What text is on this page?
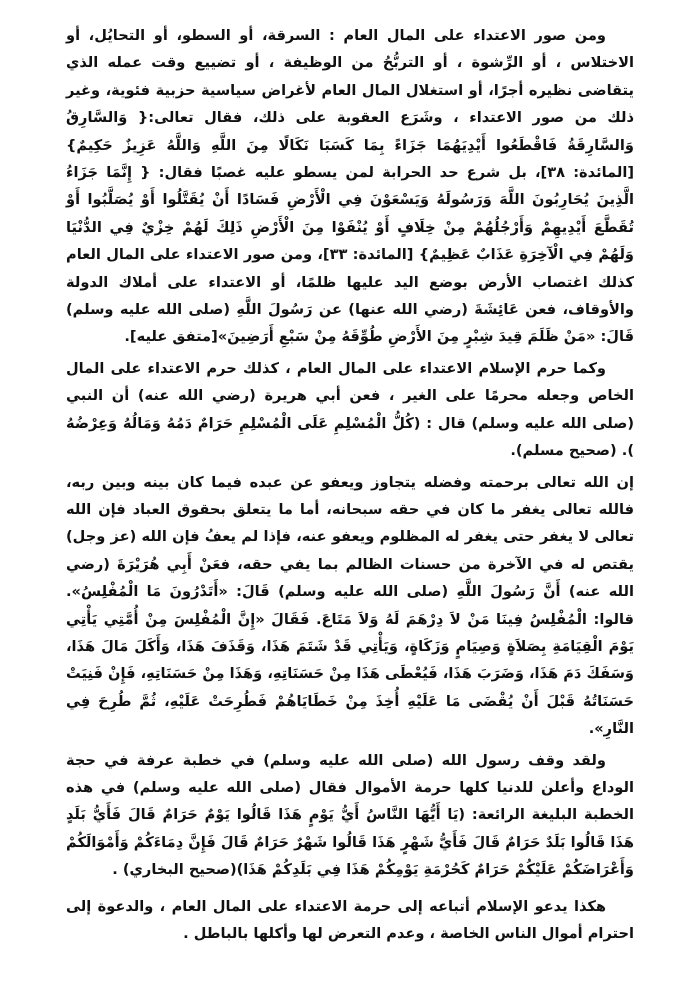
ومن صور الاعتداء على المال العام : السرقة، أو السطو، أو التحايُل، أو الاختلاس ، أو الرِّشوة ، أو التربُّحُ من الوظيفة ، أو تضييع وقت عمله الذي يتقاضى نظيره أجرًا، أو استغلال المال العام لأغراض سياسية حزبية فئوية، وغير ذلك من صور الاعتداء ، وشَرَع العقوبة على ذلك، فقال تعالى:{ وَالسَّارِقُ وَالسَّارِقَةُ فَاقْطَعُوا أَيْدِيَهُمَا جَزَاءً بِمَا كَسَبَا نَكَالًا مِنَ اللَّهِ وَاللَّهُ عَزِيزٌ حَكِيمٌ}[المائدة: ٣٨]، بل شرع حد الحرابة لمن يسطو عليه غصبًا فقال: { إِنَّمَا جَزَاءُ الَّذِينَ يُحَارِبُونَ اللَّهَ وَرَسُولَهُ وَيَسْعَوْنَ فِي الْأَرْضِ فَسَادًا أَنْ يُقَتَّلُوا أَوْ يُصَلَّبُوا أَوْ تُقَطَّعَ أَيْدِيهِمْ وَأَرْجُلُهُمْ مِنْ خِلَافٍ أَوْ يُنْفَوْا مِنَ الْأَرْضِ ذَلِكَ لَهُمْ خِزْيٌ فِي الدُّنْيَا وَلَهُمْ فِي الْآخِرَةِ عَذَابٌ عَظِيمٌ} [المائدة: ٣٣]، ومن صور الاعتداء على المال العام كذلك اغتصاب الأرض بوضع اليد عليها ظلمًا، أو الاعتداء على أملاك الدولة والأوقاف، فعن عَائِشَةَ (رضي الله عنها) عن رَسُولَ اللَّهِ (صلى الله عليه وسلم) قَالَ: «مَنْ ظَلَمَ قِيدَ شِبْرٍ مِنَ الأَرْضِ طُوِّقَهُ مِنْ سَبْعِ أَرَضِينَ»[متفق عليه].

وكما حرم الإسلام الاعتداء على المال العام ، كذلك حرم الاعتداء على المال الخاص وجعله محرمًا على الغير ، فعن أبي هريرة (رضي الله عنه) أن النبي (صلى الله عليه وسلم) قال : (كُلُّ الْمُسْلِمِ عَلَى الْمُسْلِمِ حَرَامٌ دَمُهُ وَمَالُهُ وَعِرْضُهُ ). (صحيح مسلم).

إن الله تعالى برحمته وفضله يتجاوز ويعفو عن عبده فيما كان بينه وبين ربه، فالله تعالى يغفر ما كان في حقه سبحانه، أما ما يتعلق بحقوق العباد فإن الله تعالى لا يغفر حتى يغفر له المظلوم ويعفو عنه، فإذا لم يعفُ فإن الله (عز وجل) يقتص له في الآخرة من حسنات الظالم بما يفي حقه، فعَنْ أَبِي هُرَيْرَةَ (رضي الله عنه) أَنَّ رَسُولَ اللَّهِ (صلى الله عليه وسلم) قَالَ: «أَتَدْرُونَ مَا الْمُفْلِسُ». قالوا: الْمُفْلِسُ فِينَا مَنْ لاَ دِرْهَمَ لَهُ وَلاَ مَتَاعَ. فَقَالَ «إِنَّ الْمُفْلِسَ مِنْ أُمَّتِي يَأْتِي يَوْمَ الْقِيَامَةِ بِصَلاَةٍ وَصِيَامٍ وَزَكَاةٍ، وَيَأْتِي قَدْ شَتَمَ هَذَا، وَقَذَفَ هَذَا، وَأَكَلَ مَالَ هَذَا، وَسَفَكَ دَمَ هَذَا، وَضَرَبَ هَذَا، فَيُعْطَى هَذَا مِنْ حَسَنَاتِهِ، وَهَذَا مِنْ حَسَنَاتِهِ، فَإِنْ فَنِيَتْ حَسَنَاتُهُ قَبْلَ أَنْ يُقْضَى مَا عَلَيْهِ أُخِذَ مِنْ خَطَايَاهُمْ فَطُرِحَتْ عَلَيْهِ، ثُمَّ طُرِحَ فِي النَّارِ».

ولقد وقف رسول الله (صلى الله عليه وسلم) في خطبة عرفة في حجة الوداع وأعلن للدنيا كلها حرمة الأموال فقال (صلى الله عليه وسلم) في هذه الخطبة البليغة الرائعة: (يَا أَيُّهَا النَّاسُ أَيُّ يَوْمٍ هَذَا قَالُوا يَوْمٌ حَرَامٌ قَالَ فَأَيُّ بَلَدٍ هَذَا قَالُوا بَلَدٌ حَرَامٌ قَالَ فَأَيُّ شَهْرٍ هَذَا قَالُوا شَهْرٌ حَرَامٌ قَالَ فَإِنَّ دِمَاءَكُمْ وَأَمْوَالَكُمْ وَأَعْرَاضَكُمْ عَلَيْكُمْ حَرَامٌ كَحُرْمَةِ يَوْمِكُمْ هَذَا فِي بَلَدِكُمْ هَذَا)(صحيح البخاري) .

هكذا يدعو الإسلام أتباعه إلى حرمة الاعتداء على المال العام ، والدعوة إلى احترام أموال الناس الخاصة ، وعدم التعرض لها وأكلها بالباطل .
